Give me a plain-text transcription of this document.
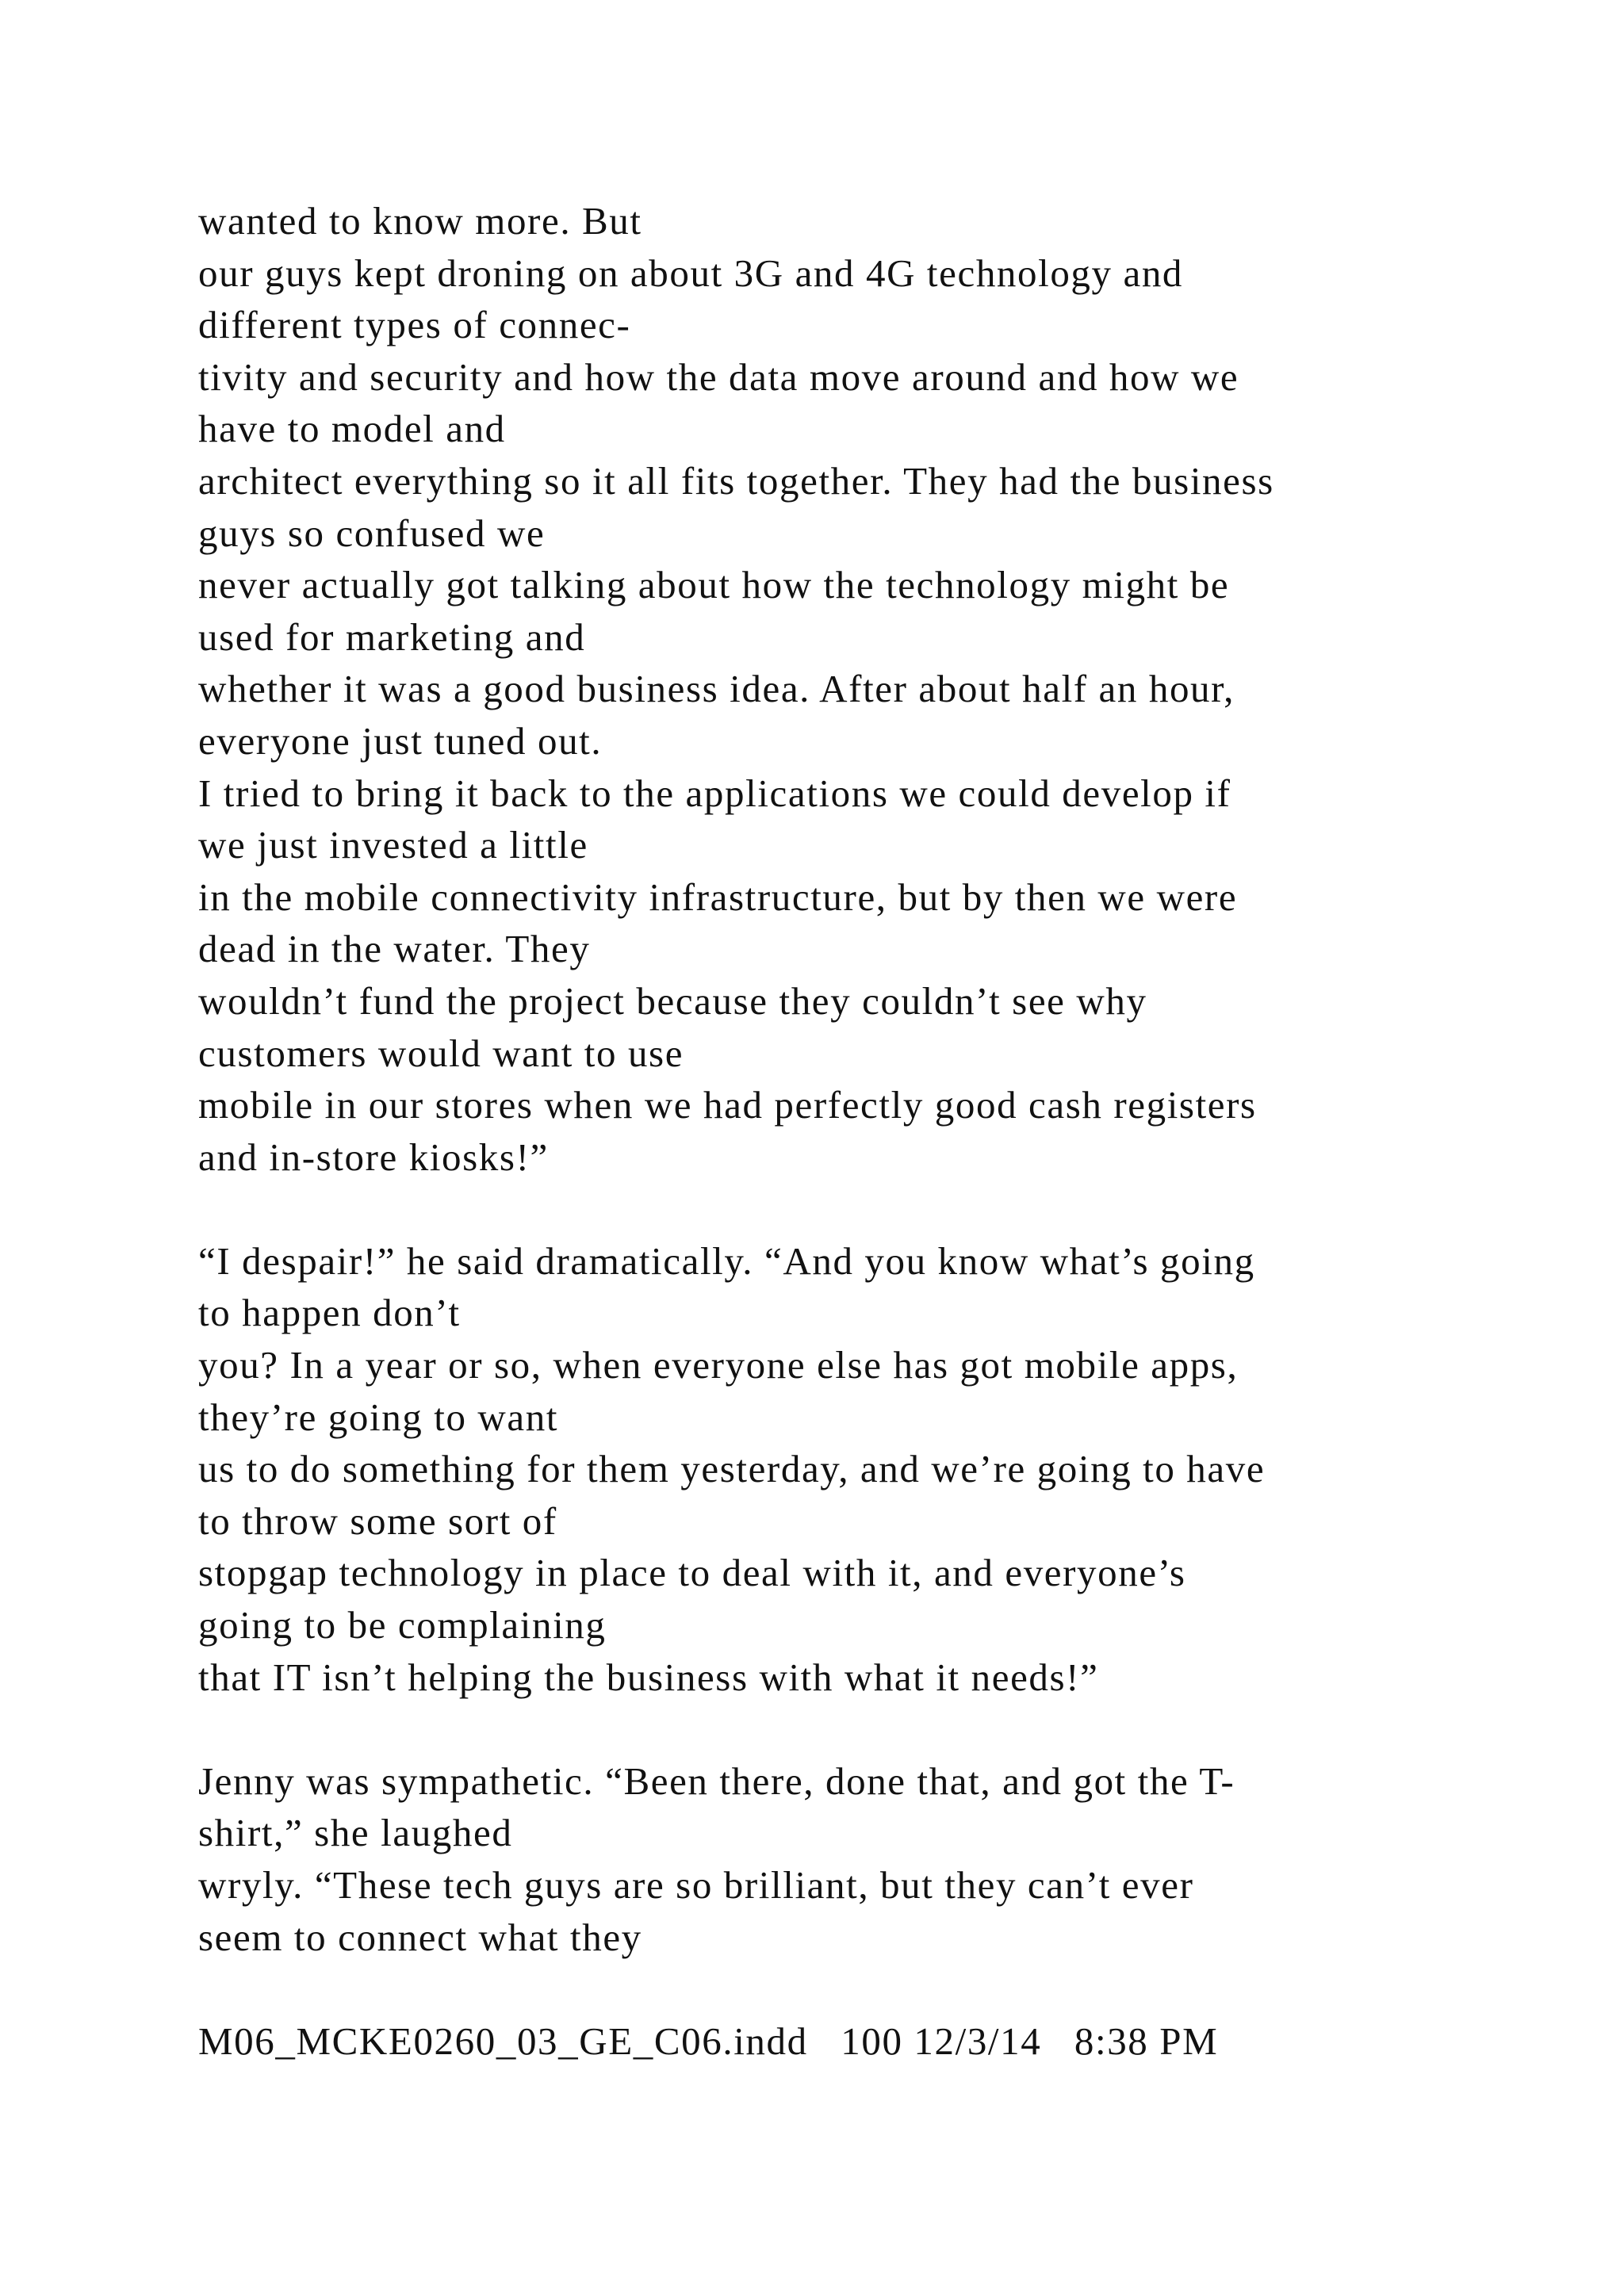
wanted to know more. But
our guys kept droning on about 3G and 4G technology and
different types of connec-
tivity and security and how the data move around and how we
have to model and
architect everything so it all fits together. They had the business
guys so confused we
never actually got talking about how the technology might be
used for marketing and
whether it was a good business idea. After about half an hour,
everyone just tuned out.
I tried to bring it back to the applications we could develop if
we just invested a little
in the mobile connectivity infrastructure, but by then we were
dead in the water. They
wouldn’t fund the project because they couldn’t see why
customers would want to use
mobile in our stores when we had perfectly good cash registers
and in-store kiosks!”
“I despair!” he said dramatically. “And you know what’s going
to happen don’t
you? In a year or so, when everyone else has got mobile apps,
they’re going to want
us to do something for them yesterday, and we’re going to have
to throw some sort of
stopgap technology in place to deal with it, and everyone’s
going to be complaining
that IT isn’t helping the business with what it needs!”
Jenny was sympathetic. “Been there, done that, and got the T-
shirt,” she laughed
wryly. “These tech guys are so brilliant, but they can’t ever
seem to connect what they
M06_MCKE0260_03_GE_C06.indd   100 12/3/14   8:38 PM
